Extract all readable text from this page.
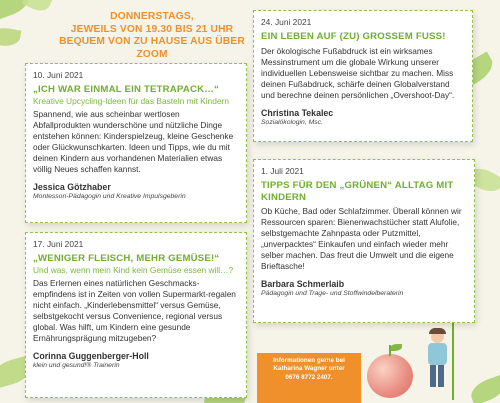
DONNERSTAGS,
JEWEILS VON 19.30 BIS 21 UHR
BEQUEM VON ZU HAUSE AUS ÜBER ZOOM
10. Juni 2021
„ICH WAR EINMAL EIN TETRAPACK…“
Kreative Upcycling-Ideen für das Basteln mit Kindern
Spannend, wie aus scheinbar wertlosen Abfallprodukten wunderschöne und nützliche Dinge entstehen können: Kinderspielzeug, kleine Geschenke oder Glückwunschkarten. Ideen und Tipps, wie du mit deinen Kindern aus vorhandenen Materialien etwas völlig Neues schaffen kannst.
Jessica Götzhaber
Montessori-Pädagogin und Kreative Impulsgeberin
17. Juni 2021
„WENIGER FLEISCH, MEHR GEMÜSE!“
Und was, wenn mein Kind kein Gemüse essen will…?
Das Erlernen eines natürlichen Geschmacks-empfindens ist in Zeiten von vollen Supermarkt-regalen nicht einfach. „Kinderlebensmittel“ versus Gemüse, selbstgekocht versus Convenience, regional versus global. Was hilft, um Kindern eine gesunde Ernährungsprägung mitzugeben?
Corinna Guggenberger-Holl
klein und gesund!® Trainerin
24. Juni 2021
EIN LEBEN AUF (ZU) GROSSEM FUSS!
Der ökologische Fußabdruck ist ein wirksames Messinstrument um die globale Wirkung unserer individuellen Lebensweise sichtbar zu machen. Miss deinen Fußabdruck, schärfe deinen Globalverstand und berechne deinen persönlichen „Overshoot-Day“.
Christina Tekalec
Sozialökologin, Msc.
1. Juli 2021
TIPPS FÜR DEN „GRÜNEN“ ALLTAG MIT KINDERN
Ob Küche, Bad oder Schlafzimmer. Überall können wir Ressourcen sparen: Bienenwachstücher statt Alufolie, selbstgemachte Zahnpasta oder Putzmittel, „unverpacktes“ Einkaufen und einfach wieder mehr selber machen. Das freut die Umwelt und die eigene Brieftasche!
Barbara Schmerlaib
Pädagogin und Trage- und Stoffwindelberaterin
Informationen gerne bei
Katharina Wagner unter
0676 8772 2407.
